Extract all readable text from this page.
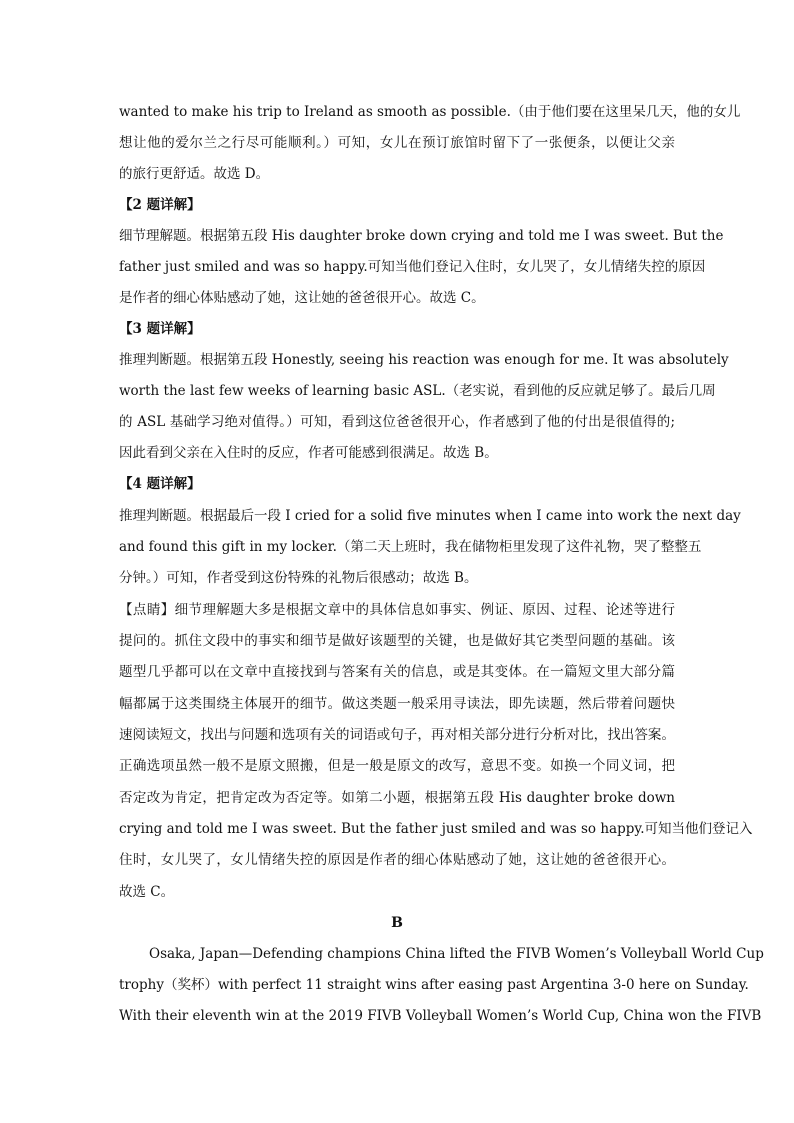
wanted to make his trip to Ireland as smooth as possible.（由于他们要在这里呆几天，他的女儿
想让他的爱尔兰之行尽可能顺利。）可知，女儿在预订旅馆时留下了一张便条，以便让父亲
的旅行更舒适。故选 D。
【2 题详解】
细节理解题。根据第五段 His daughter broke down crying and told me I was sweet. But the
father just smiled and was so happy.可知当他们登记入住时，女儿哭了，女儿情绪失控的原因
是作者的细心体贴感动了她，这让她的爸爸很开心。故选 C。
【3 题详解】
推理判断题。根据第五段 Honestly, seeing his reaction was enough for me. It was absolutely
worth the last few weeks of learning basic ASL.（老实说，看到他的反应就足够了。最后几周
的 ASL 基础学习绝对值得。）可知，看到这位爸爸很开心，作者感到了他的付出是很值得的;
因此看到父亲在入住时的反应，作者可能感到很满足。故选 B。
【4 题详解】
推理判断题。根据最后一段 I cried for a solid five minutes when I came into work the next day
and found this gift in my locker.（第二天上班时，我在储物柜里发现了这件礼物，哭了整整五
分钟。）可知，作者受到这份特殊的礼物后很感动；故选 B。
【点睛】细节理解题大多是根据文章中的具体信息如事实、例证、原因、过程、论述等进行
提问的。抓住文段中的事实和细节是做好该题型的关键，也是做好其它类型问题的基础。该
题型几乎都可以在文章中直接找到与答案有关的信息，或是其变体。在一篇短文里大部分篇
幅都属于这类围绕主体展开的细节。做这类题一般采用寻读法，即先读题，然后带着问题快
速阅读短文，找出与问题和选项有关的词语或句子，再对相关部分进行分析对比，找出答案。
正确选项虽然一般不是原文照搬，但是一般是原文的改写，意思不变。如换一个同义词，把
否定改为肯定，把肯定改为否定等。如第二小题，根据第五段 His daughter broke down
crying and told me I was sweet. But the father just smiled and was so happy.可知当他们登记入
住时，女儿哭了，女儿情绪失控的原因是作者的细心体贴感动了她，这让她的爸爸很开心。
故选 C。
B
Osaka, Japan—Defending champions China lifted the FIVB Women’s Volleyball World Cup
trophy（奖杯）with perfect 11 straight wins after easing past Argentina 3-0 here on Sunday.
With their eleventh win at the 2019 FIVB Volleyball Women’s World Cup, China won the FIVB
